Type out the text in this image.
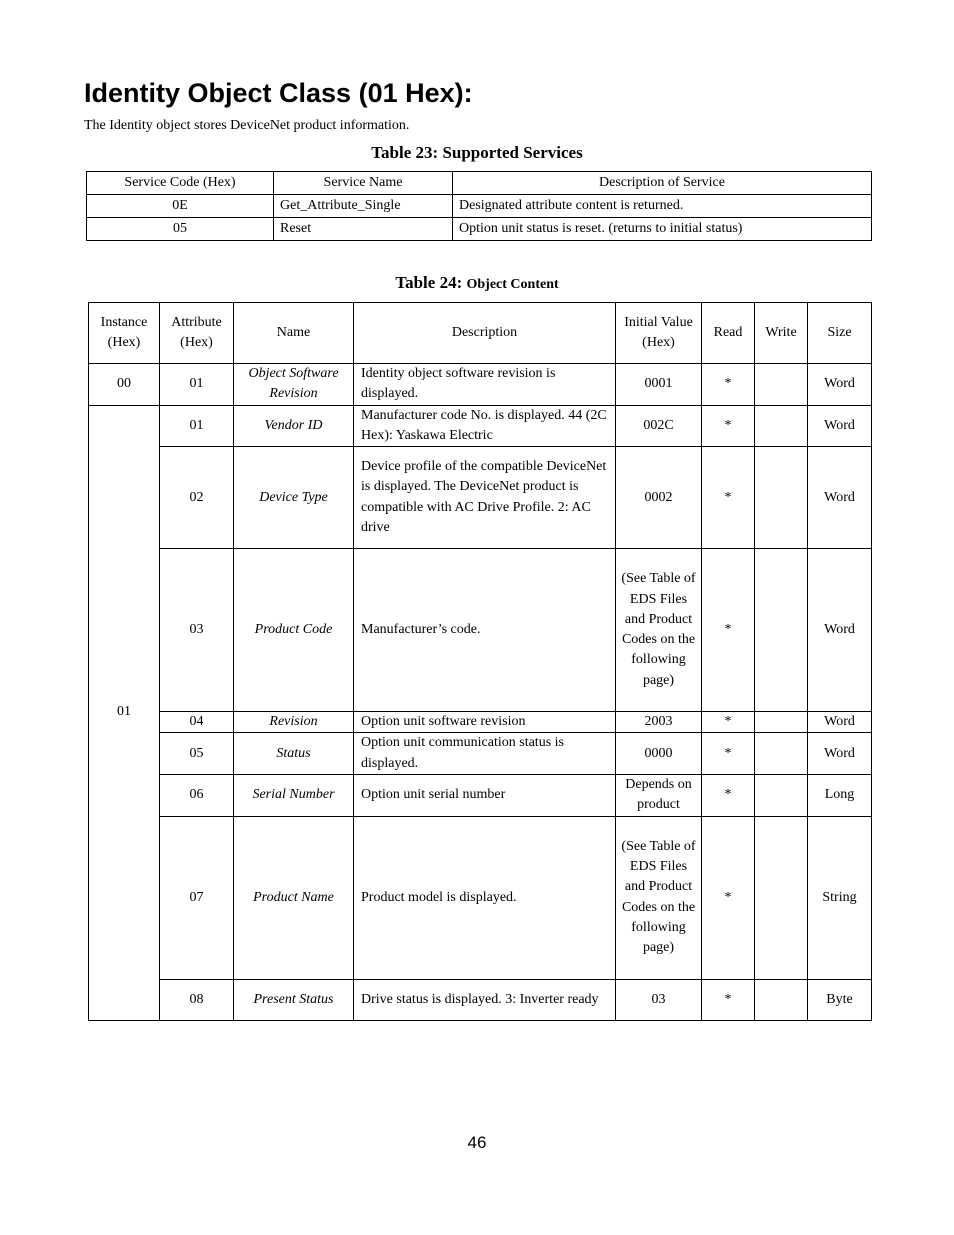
Identity Object Class (01 Hex):
The Identity object stores DeviceNet product information.
Table 23: Supported Services
Service Code (Hex)	Service Name	Description of Service
0E	Get_Attribute_Single	Designated attribute content is returned.
05	Reset	Option unit status is reset. (returns to initial status)
Table 24: Object Content
Instance (Hex)	Attribute (Hex)	Name	Description	Initial Value (Hex)	Read	Write	Size
00	01	Object Software Revision	Identity object software revision is displayed.	0001	*		Word
01	01	Vendor ID	Manufacturer code No. is displayed. 44 (2C Hex): Yaskawa Electric	002C	*		Word
	02	Device Type	Device profile of the compatible DeviceNet is displayed. The DeviceNet product is compatible with AC Drive Profile. 2: AC drive	0002	*		Word
	03	Product Code	Manufacturer’s code.	(See Table of EDS Files and Product Codes on the following page)	*		Word
	04	Revision	Option unit software revision	2003	*		Word
	05	Status	Option unit communication status is displayed.	0000	*		Word
	06	Serial Number	Option unit serial number	Depends on product	*		Long
	07	Product Name	Product model is displayed.	(See Table of EDS Files and Product Codes on the following page)	*		String
	08	Present Status	Drive status is displayed. 3: Inverter ready	03	*		Byte
46
